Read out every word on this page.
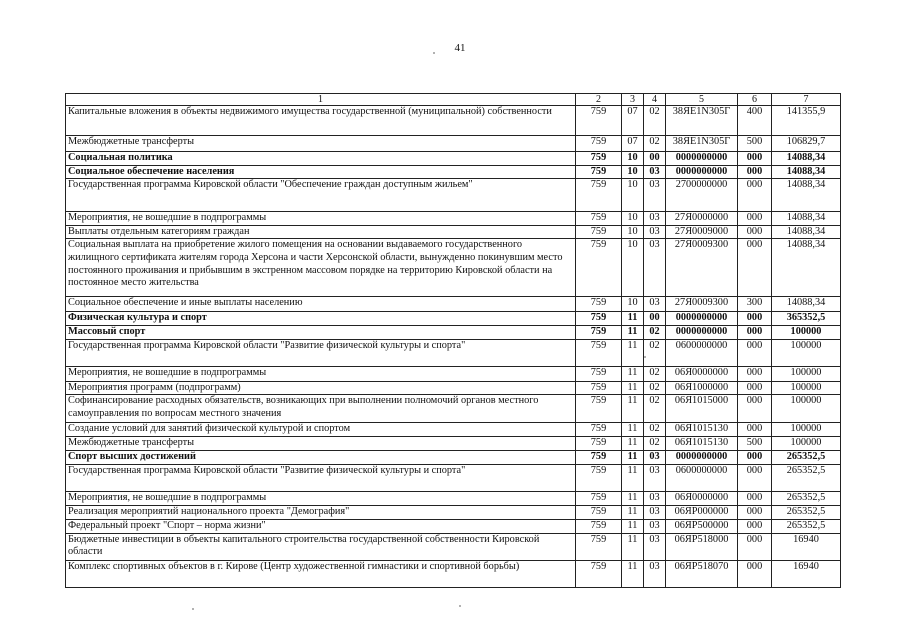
41
1	2	3	4	5	6	7
Капитальные вложения в объекты недвижимого имущества государственной (муниципальной) собственности	759	07	02	38ЯЕ1N305Г	400	141355,9
Межбюджетные трансферты	759	07	02	38ЯЕ1N305Г	500	106829,7
Социальная политика	759	10	00	0000000000	000	14088,34
Социальное обеспечение населения	759	10	03	0000000000	000	14088,34
Государственная программа Кировской области "Обеспечение граждан доступным жильем"	759	10	03	2700000000	000	14088,34
Мероприятия, не вошедшие в подпрограммы	759	10	03	27Я0000000	000	14088,34
Выплаты отдельным категориям граждан	759	10	03	27Я0009000	000	14088,34
Социальная выплата на приобретение жилого помещения на основании выдаваемого государственного жилищного сертификата жителям города Херсона и части Херсонской области, вынужденно покинувшим место постоянного проживания и прибывшим в экстренном массовом порядке на территорию Кировской области на постоянное место жительства	759	10	03	27Я0009300	000	14088,34
Социальное обеспечение и иные выплаты населению	759	10	03	27Я0009300	300	14088,34
Физическая культура и спорт	759	11	00	0000000000	000	365352,5
Массовый спорт	759	11	02	0000000000	000	100000
Государственная программа Кировской области "Развитие физической культуры и спорта"	759	11	02	0600000000	000	100000
Мероприятия, не вошедшие в подпрограммы	759	11	02	06Я0000000	000	100000
Мероприятия программ (подпрограмм)	759	11	02	06Я1000000	000	100000
Софинансирование расходных обязательств, возникающих при выполнении полномочий органов местного самоуправления по вопросам местного значения	759	11	02	06Я1015000	000	100000
Создание условий для занятий физической культурой и спортом	759	11	02	06Я1015130	000	100000
Межбюджетные трансферты	759	11	02	06Я1015130	500	100000
Спорт высших достижений	759	11	03	0000000000	000	265352,5
Государственная программа Кировской области "Развитие физической культуры и спорта"	759	11	03	0600000000	000	265352,5
Мероприятия, не вошедшие в подпрограммы	759	11	03	06Я0000000	000	265352,5
Реализация мероприятий национального проекта "Демография"	759	11	03	06ЯР000000	000	265352,5
Федеральный проект "Спорт – норма жизни"	759	11	03	06ЯР500000	000	265352,5
Бюджетные инвестиции в объекты капитального строительства государственной собственности Кировской области	759	11	03	06ЯР518000	000	16940
Комплекс спортивных объектов в г. Кирове (Центр художественной гимнастики и спортивной борьбы)	759	11	03	06ЯР518070	000	16940
